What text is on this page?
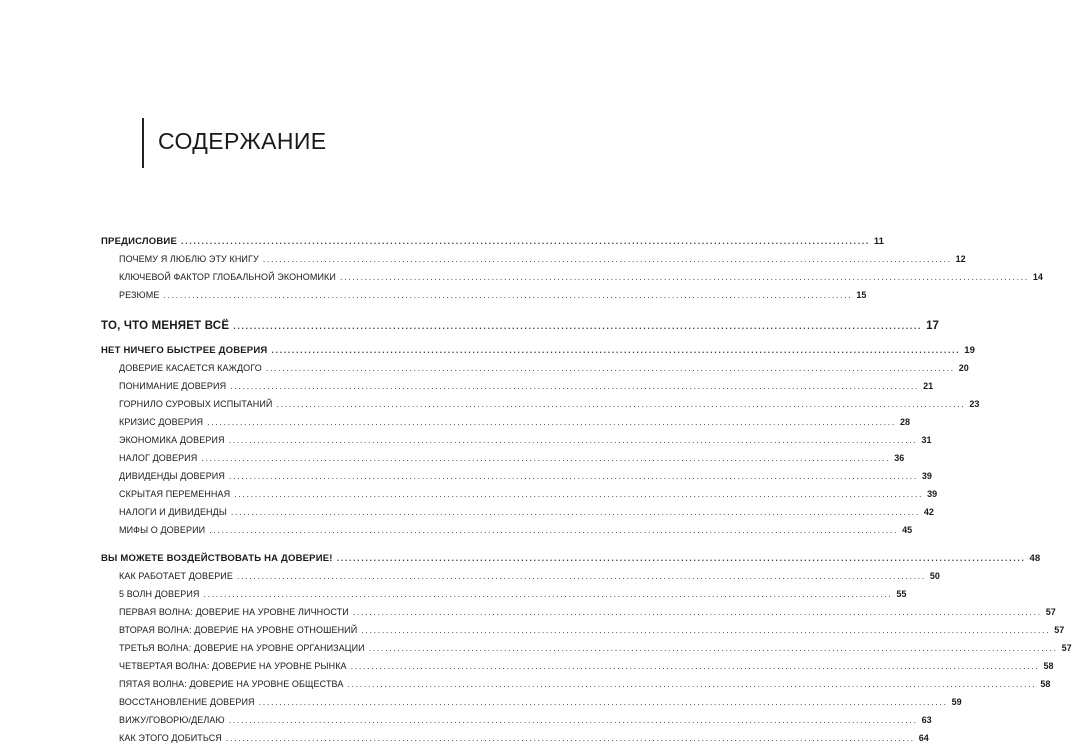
СОДЕРЖАНИЕ
ПРЕДИСЛОВИЕ ........................................................................................................................................................................ 11
ПОЧЕМУ Я ЛЮБЛЮ ЭТУ КНИГУ ........................................................................................................................................................................ 12
КЛЮЧЕВОЙ ФАКТОР ГЛОБАЛЬНОЙ ЭКОНОМИКИ ........................................................................................................................................................................ 14
РЕЗЮМЕ ........................................................................................................................................................................ 15
ТО, ЧТО МЕНЯЕТ ВСЁ ........................................................................................................................................................................ 17
НЕТ НИЧЕГО БЫСТРЕЕ ДОВЕРИЯ ........................................................................................................................................................................ 19
ДОВЕРИЕ КАСАЕТСЯ КАЖДОГО ........................................................................................................................................................................ 20
ПОНИМАНИЕ ДОВЕРИЯ ........................................................................................................................................................................ 21
ГОРНИЛО СУРОВЫХ ИСПЫТАНИЙ ........................................................................................................................................................................ 23
КРИЗИС ДОВЕРИЯ ........................................................................................................................................................................ 28
ЭКОНОМИКА ДОВЕРИЯ ........................................................................................................................................................................ 31
НАЛОГ ДОВЕРИЯ ........................................................................................................................................................................ 36
ДИВИДЕНДЫ ДОВЕРИЯ ........................................................................................................................................................................ 39
СКРЫТАЯ ПЕРЕМЕННАЯ ........................................................................................................................................................................ 39
НАЛОГИ И ДИВИДЕНДЫ ........................................................................................................................................................................ 42
МИФЫ О ДОВЕРИИ ........................................................................................................................................................................ 45
ВЫ МОЖЕТЕ ВОЗДЕЙСТВОВАТЬ НА ДОВЕРИЕ! ........................................................................................................................................................................ 48
КАК РАБОТАЕТ ДОВЕРИЕ ........................................................................................................................................................................ 50
5 ВОЛН ДОВЕРИЯ ........................................................................................................................................................................ 55
ПЕРВАЯ ВОЛНА: ДОВЕРИЕ НА УРОВНЕ ЛИЧНОСТИ ........................................................................................................................................................................ 57
ВТОРАЯ ВОЛНА: ДОВЕРИЕ НА УРОВНЕ ОТНОШЕНИЙ ........................................................................................................................................................................ 57
ТРЕТЬЯ ВОЛНА: ДОВЕРИЕ НА УРОВНЕ ОРГАНИЗАЦИИ ........................................................................................................................................................................ 57
ЧЕТВЕРТАЯ ВОЛНА: ДОВЕРИЕ НА УРОВНЕ РЫНКА ........................................................................................................................................................................ 58
ПЯТАЯ ВОЛНА: ДОВЕРИЕ НА УРОВНЕ ОБЩЕСТВА ........................................................................................................................................................................ 58
ВОССТАНОВЛЕНИЕ ДОВЕРИЯ ........................................................................................................................................................................ 59
ВИЖУ/ГОВОРЮ/ДЕЛАЮ ........................................................................................................................................................................ 63
КАК ЭТОГО ДОБИТЬСЯ ........................................................................................................................................................................ 64
